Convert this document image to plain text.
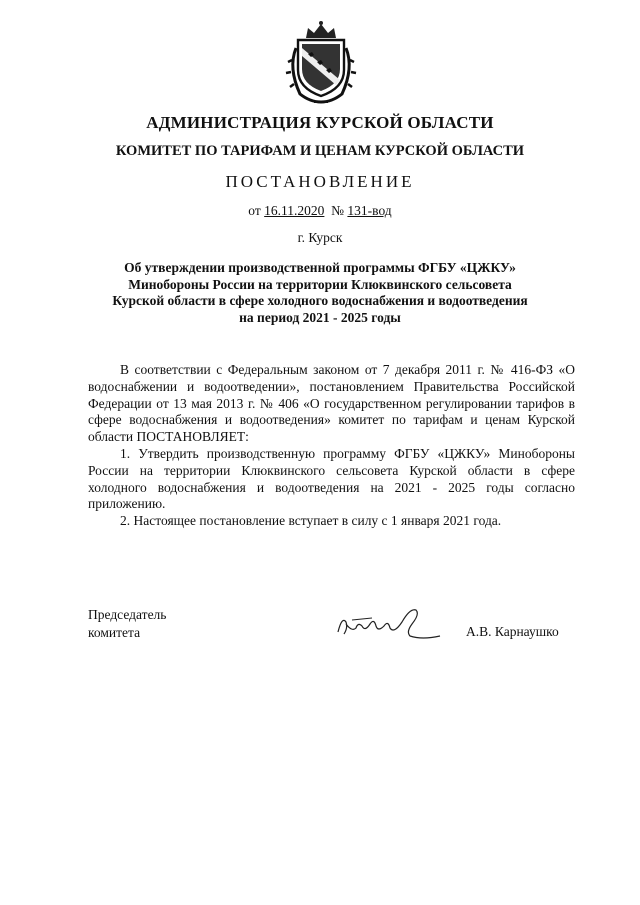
АДМИНИСТРАЦИЯ КУРСКОЙ ОБЛАСТИ
КОМИТЕТ ПО ТАРИФАМ И ЦЕНАМ КУРСКОЙ ОБЛАСТИ
ПОСТАНОВЛЕНИЕ
от 16.11.2020 № 131-вод
г. Курск
Об утверждении производственной программы ФГБУ «ЦЖКУ»
Минобороны России на территории Клюквинского сельсовета
Курской области в сфере холодного водоснабжения и водоотведения
на период 2021 - 2025 годы

В соответствии с Федеральным законом от 7 декабря 2011 г. № 416-ФЗ «О водоснабжении и водоотведении», постановлением Правительства Российской Федерации от 13 мая 2013 г. № 406 «О государственном регулировании тарифов в сфере водоснабжения и водоотведения» комитет по тарифам и ценам Курской области ПОСТАНОВЛЯЕТ:

1. Утвердить производственную программу ФГБУ «ЦЖКУ» Минобороны России на территории Клюквинского сельсовета Курской области в сфере холодного водоснабжения и водоотведения на 2021 - 2025 годы согласно приложению.

2. Настоящее постановление вступает в силу с 1 января 2021 года.

Председатель
комитета	А.В. Карнаушко
